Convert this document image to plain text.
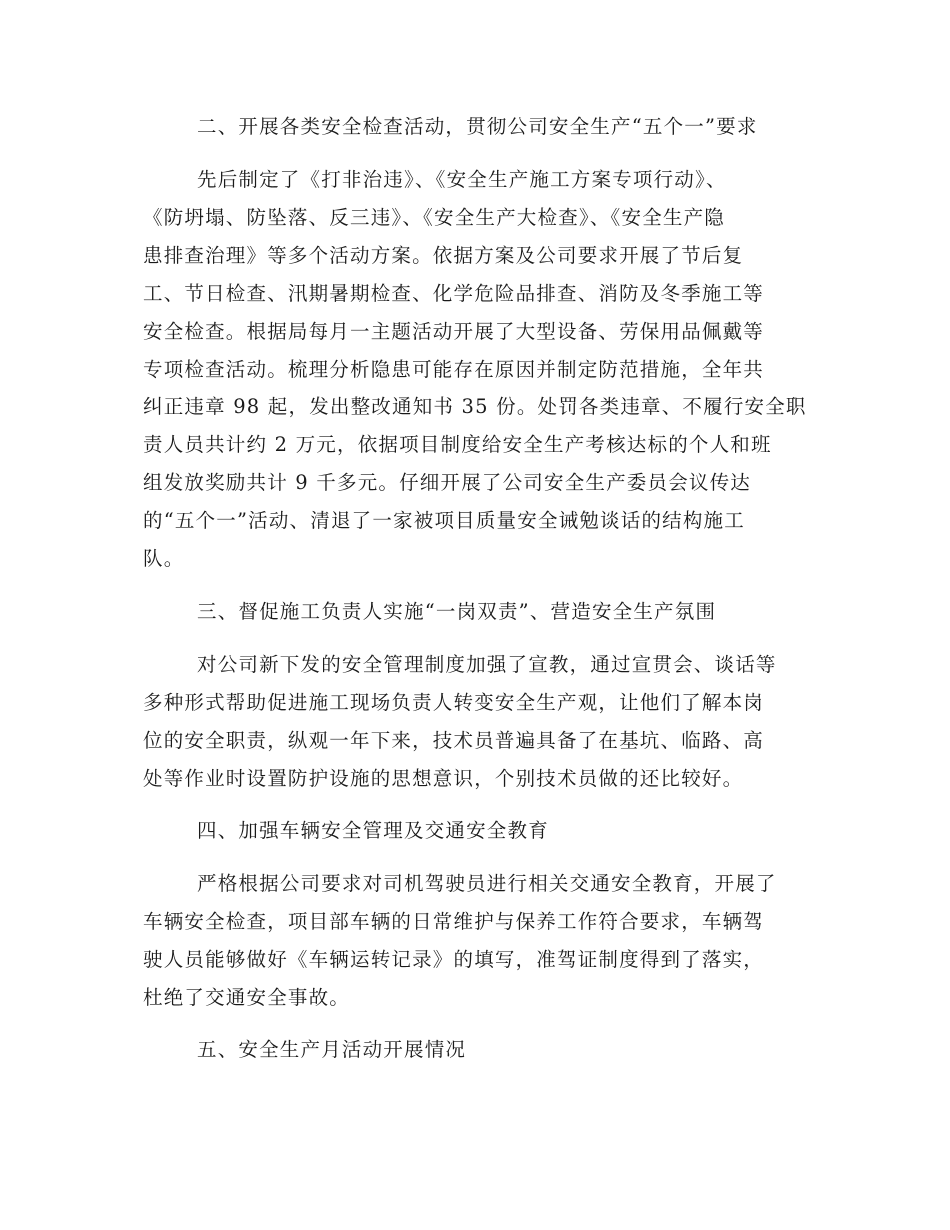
二、开展各类安全检查活动，贯彻公司安全生产“五个一”要求
先后制定了《打非治违》、《安全生产施工方案专项行动》、
《防坍塌、防坠落、反三违》、《安全生产大检查》、《安全生产隐
患排查治理》等多个活动方案。依据方案及公司要求开展了节后复
工、节日检查、汛期暑期检查、化学危险品排查、消防及冬季施工等
安全检查。根据局每月一主题活动开展了大型设备、劳保用品佩戴等
专项检查活动。梳理分析隐患可能存在原因并制定防范措施，全年共
纠正违章 98 起，发出整改通知书 35 份。处罚各类违章、不履行安全职
责人员共计约 2 万元，依据项目制度给安全生产考核达标的个人和班
组发放奖励共计 9 千多元。仔细开展了公司安全生产委员会议传达
的“五个一”活动、清退了一家被项目质量安全诫勉谈话的结构施工
队。
三、督促施工负责人实施“一岗双责”、营造安全生产氛围
对公司新下发的安全管理制度加强了宣教，通过宣贯会、谈话等
多种形式帮助促进施工现场负责人转变安全生产观，让他们了解本岗
位的安全职责，纵观一年下来，技术员普遍具备了在基坑、临路、高
处等作业时设置防护设施的思想意识，个别技术员做的还比较好。
四、加强车辆安全管理及交通安全教育
严格根据公司要求对司机驾驶员进行相关交通安全教育，开展了
车辆安全检查，项目部车辆的日常维护与保养工作符合要求，车辆驾
驶人员能够做好《车辆运转记录》的填写，准驾证制度得到了落实，
杜绝了交通安全事故。
五、安全生产月活动开展情况
